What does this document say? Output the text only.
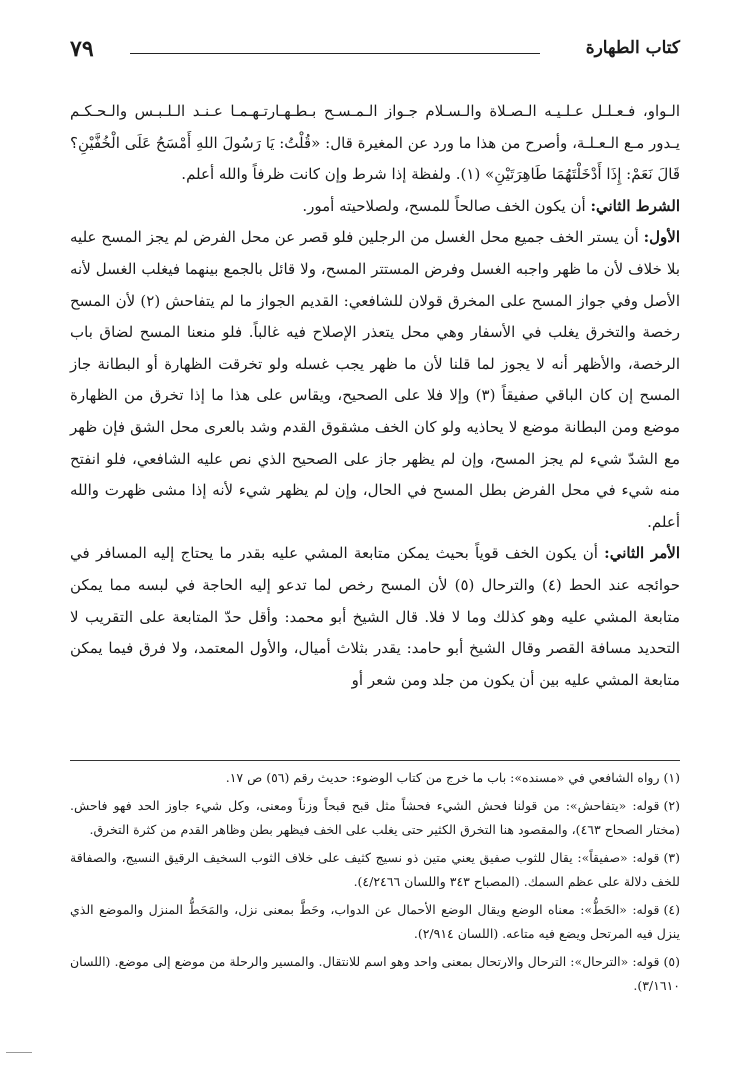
كتاب الطهارة
٧٩

الـواو، فـعـلـل عـلـيـه الـصـلاة والـسـلام جـواز الـمـسـح بـطـهـارتـهـمـا عـنـد الـلـبـس والـحـكـم يـدور مـع الـعـلـة، وأصرح من هذا ما ورد عن المغيرة قال: «قُلْتُ: يَا رَسُولَ اللهِ أَمْسَحُ عَلَى الْخُفَّيْنِ؟ قَالَ نَعَمْ: إِذَا أَدْخَلْتَهُمَا طَاهِرَتَيْنِ» (١). ولفظة إذا شرط وإن كانت ظرفاً والله أعلم.

الشرط الثاني: أن يكون الخف صالحاً للمسح، ولصلاحيته أمور.

الأول: أن يستر الخف جميع محل الغسل من الرجلين فلو قصر عن محل الفرض لم يجز المسح عليه بلا خلاف لأن ما ظهر واجبه الغسل وفرض المستتر المسح، ولا قائل بالجمع بينهما فيغلب الغسل لأنه الأصل وفي جواز المسح على المخرق قولان للشافعي: القديم الجواز ما لم يتفاحش (٢) لأن المسح رخصة والتخرق يغلب في الأسفار وهي محل يتعذر الإصلاح فيه غالباً. فلو منعنا المسح لضاق باب الرخصة، والأظهر أنه لا يجوز لما قلنا لأن ما ظهر يجب غسله ولو تخرقت الظهارة أو البطانة جاز المسح إن كان الباقي صفيقاً (٣) وإلا فلا على الصحيح، ويقاس على هذا ما إذا تخرق من الظهارة موضع ومن البطانة موضع لا يحاذيه ولو كان الخف مشقوق القدم وشد بالعرى محل الشق فإن ظهر مع الشدّ شيء لم يجز المسح، وإن لم يظهر جاز على الصحيح الذي نص عليه الشافعي، فلو انفتح منه شيء في محل الفرض بطل المسح في الحال، وإن لم يظهر شيء لأنه إذا مشى ظهرت والله أعلم.

الأمر الثاني: أن يكون الخف قوياً بحيث يمكن متابعة المشي عليه بقدر ما يحتاج إليه المسافر في حوائجه عند الحط (٤) والترحال (٥) لأن المسح رخص لما تدعو إليه الحاجة في لبسه مما يمكن متابعة المشي عليه وهو كذلك وما لا فلا. قال الشيخ أبو محمد: وأقل حدّ المتابعة على التقريب لا التحديد مسافة القصر وقال الشيخ أبو حامد: يقدر بثلاث أميال، والأول المعتمد، ولا فرق فيما يمكن متابعة المشي عليه بين أن يكون من جلد ومن شعر أو

(١)رواه الشافعي في «مسنده»: باب ما خرج من كتاب الوضوء: حديث رقم (٥٦) ص ١٧.

(٢)قوله: «يتفاحش»: من قولنا فحش الشيء فحشاً مثل قبح قبحاً وزناً ومعنى، وكل شيء جاوز الحد فهو فاحش. (مختار الصحاح ٤٦٣)، والمقصود هنا التخرق الكثير حتى يغلب على الخف فيظهر بطن وظاهر القدم من كثرة التخرق.

(٣)قوله: «صفيقاً»: يقال للثوب صفيق يعني متين ذو نسيج كثيف على خلاف الثوب السخيف الرقيق النسيج، والصفاقة للخف دلالة على عظم السمك. (المصباح ٣٤٣ واللسان ٤/٢٤٦٦).

(٤)قوله: «الحَطُّ»: معناه الوضع ويقال الوضع الأحمال عن الدواب، وحَطَّ بمعنى نزل، والمَحَطُّ المنزل والموضع الذي ينزل فيه المرتحل ويضع فيه متاعه. (اللسان ٢/٩١٤).

(٥)قوله: «الترحال»: الترحال والارتحال بمعنى واحد وهو اسم للانتقال. والمسير والرحلة من موضع إلى موضع. (اللسان ٣/١٦١٠).
